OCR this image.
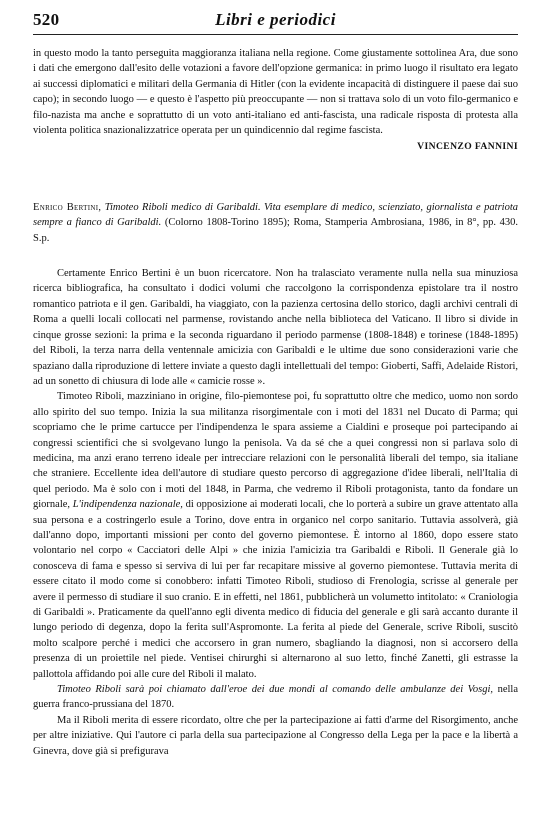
520	Libri e periodici

in questo modo la tanto perseguita maggioranza italiana nella regione. Come giustamente sottolinea Ara, due sono i dati che emergono dall'esito delle votazioni a favore dell'opzione germanica: in primo luogo il risultato era legato ai successi diplomatici e militari della Germania di Hitler (con la evidente incapacità di distinguere il paese dai suo capo); in secondo luogo — e questo è l'aspetto più preoccupante — non si trattava solo di un voto filo-germanico e filo-nazista ma anche e soprattutto di un voto anti-italiano ed anti-fascista, una radicale risposta di protesta alla violenta politica snazionalizzatrice operata per un quindicennio dal regime fascista.

VINCENZO FANNINI

Enrico Bertini, Timoteo Riboli medico di Garibaldi. Vita esemplare di medico, scienziato, giornalista e patriota sempre a fianco di Garibaldi. (Colorno 1808-Torino 1895); Roma, Stamperia Ambrosiana, 1986, in 8°, pp. 430. S.p.

Certamente Enrico Bertini è un buon ricercatore. Non ha tralasciato veramente nulla nella sua minuziosa ricerca bibliografica, ha consultato i dodici volumi che raccolgono la corrispondenza epistolare tra il nostro romantico patriota e il gen. Garibaldi, ha viaggiato, con la pazienza certosina dello storico, dagli archivi centrali di Roma a quelli locali collocati nel parmense, rovistando anche nella biblioteca del Vaticano. Il libro si divide in cinque grosse sezioni: la prima e la seconda riguardano il periodo parmense (1808-1848) e torinese (1848-1895) del Riboli, la terza narra della ventennale amicizia con Garibaldi e le ultime due sono considerazioni varie che spaziano dalla riproduzione di lettere inviate a questo dagli intellettuali del tempo: Gioberti, Saffi, Adelaide Ristori, ad un sonetto di chiusura di lode alle « camicie rosse ».

Timoteo Riboli, mazziniano in origine, filo-piemontese poi, fu soprattutto oltre che medico, uomo non sordo allo spirito del suo tempo. Inizia la sua militanza risorgimentale con i moti del 1831 nel Ducato di Parma; qui scopriamo che le prime cartucce per l'indipendenza le spara assieme a Cialdini e proseque poi partecipando ai congressi scientifici che si svolgevano lungo la penisola. Va da sé che a quei congressi non si parlava solo di medicina, ma anzi erano terreno ideale per intrecciare relazioni con le personalità liberali del tempo, sia italiane che straniere. Eccellente idea dell'autore di studiare questo percorso di aggregazione d'idee liberali, nell'Italia di quel periodo. Ma è solo con i moti del 1848, in Parma, che vedremo il Riboli protagonista, tanto da fondare un giornale, L'indipendenza nazionale, di opposizione ai moderati locali, che lo porterà a subire un grave attentato alla sua persona e a costringerlo esule a Torino, dove entra in organico nel corpo sanitario. Tuttavia assolverà, già dall'anno dopo, importanti missioni per conto del governo piemontese. È intorno al 1860, dopo essere stato volontario nel corpo « Cacciatori delle Alpi » che inizia l'amicizia tra Garibaldi e Riboli. Il Generale già lo conosceva di fama e spesso si serviva di lui per far recapitare missive al governo piemontese. Tuttavia merita di essere citato il modo come si conobbero: infatti Timoteo Riboli, studioso di Frenologia, scrisse al generale per avere il permesso di studiare il suo cranio. E in effetti, nel 1861, pubblicherà un volumetto intitolato: « Craniologia di Garibaldi ». Praticamente da quell'anno egli diventa medico di fiducia del generale e gli sarà accanto durante il lungo periodo di degenza, dopo la ferita sull'Aspromonte. La ferita al piede del Generale, scrive Riboli, suscitò molto scalpore perché i medici che accorsero in gran numero, sbagliando la diagnosi, non si accorsero della presenza di un proiettile nel piede. Ventisei chirurghi si alternarono al suo letto, finché Zanetti, gli estrasse la pallottola affidando poi alle cure del Riboli il malato.

Timoteo Riboli sarà poi chiamato dall'eroe dei due mondi al comando delle ambulanze dei Vosgi, nella guerra franco-prussiana del 1870.

Ma il Riboli merita di essere ricordato, oltre che per la partecipazione ai fatti d'arme del Risorgimento, anche per altre iniziative. Qui l'autore ci parla della sua partecipazione al Congresso della Lega per la pace e la libertà a Ginevra, dove già si prefigurava
